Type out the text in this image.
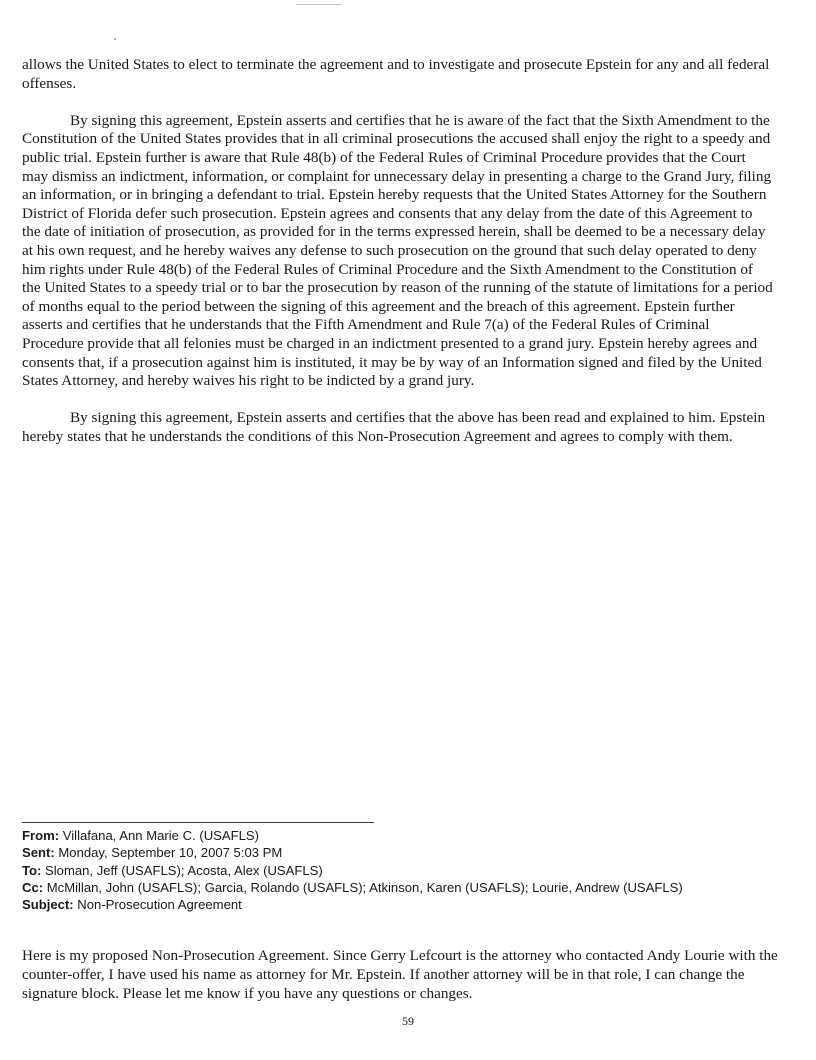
allows the United States to elect to terminate the agreement and to investigate and prosecute Epstein for any and all federal offenses.

By signing this agreement, Epstein asserts and certifies that he is aware of the fact that the Sixth Amendment to the Constitution of the United States provides that in all criminal prosecutions the accused shall enjoy the right to a speedy and public trial. Epstein further is aware that Rule 48(b) of the Federal Rules of Criminal Procedure provides that the Court may dismiss an indictment, information, or complaint for unnecessary delay in presenting a charge to the Grand Jury, filing an information, or in bringing a defendant to trial. Epstein hereby requests that the United States Attorney for the Southern District of Florida defer such prosecution. Epstein agrees and consents that any delay from the date of this Agreement to the date of initiation of prosecution, as provided for in the terms expressed herein, shall be deemed to be a necessary delay at his own request, and he hereby waives any defense to such prosecution on the ground that such delay operated to deny him rights under Rule 48(b) of the Federal Rules of Criminal Procedure and the Sixth Amendment to the Constitution of the United States to a speedy trial or to bar the prosecution by reason of the running of the statute of limitations for a period of months equal to the period between the signing of this agreement and the breach of this agreement. Epstein further asserts and certifies that he understands that the Fifth Amendment and Rule 7(a) of the Federal Rules of Criminal Procedure provide that all felonies must be charged in an indictment presented to a grand jury. Epstein hereby agrees and consents that, if a prosecution against him is instituted, it may be by way of an Information signed and filed by the United States Attorney, and hereby waives his right to be indicted by a grand jury.

By signing this agreement, Epstein asserts and certifies that the above has been read and explained to him. Epstein hereby states that he understands the conditions of this Non-Prosecution Agreement and agrees to comply with them.

From: Villafana, Ann Marie C. (USAFLS)
Sent: Monday, September 10, 2007 5:03 PM
To: Sloman, Jeff (USAFLS); Acosta, Alex (USAFLS)
Cc: McMillan, John (USAFLS); Garcia, Rolando (USAFLS); Atkinson, Karen (USAFLS); Lourie, Andrew (USAFLS)
Subject: Non-Prosecution Agreement

Here is my proposed Non-Prosecution Agreement. Since Gerry Lefcourt is the attorney who contacted Andy Lourie with the counter-offer, I have used his name as attorney for Mr. Epstein. If another attorney will be in that role, I can change the signature block. Please let me know if you have any questions or changes.

59
